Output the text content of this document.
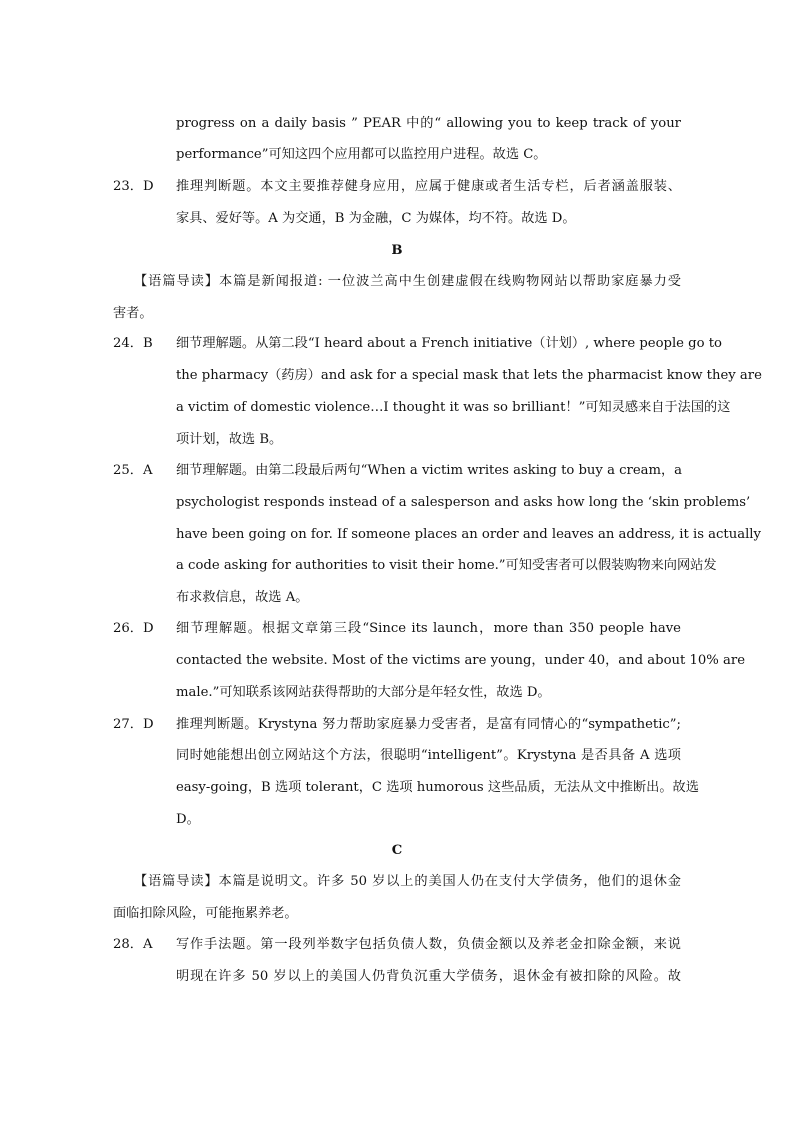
progress on a daily basis ” PEAR 中的“ allowing you to keep track of your
performance”可知这四个应用都可以监控用户进程。故选 C。
23．D	推理判断题。本文主要推荐健身应用，应属于健康或者生活专栏，后者涵盖服装、
家具、爱好等。A 为交通，B 为金融，C 为媒体，均不符。故选 D。
B
【语篇导读】本篇是新闻报道: 一位波兰高中生创建虚假在线购物网站以帮助家庭暴力受
害者。
24．B	细节理解题。从第二段“I heard about a French initiative（计划）, where people go to
the pharmacy（药房）and ask for a special mask that lets the pharmacist know they are
a victim of domestic violence…I thought it was so brilliant！”可知灵感来自于法国的这
项计划，故选 B。
25．A	细节理解题。由第二段最后两句“When a victim writes asking to buy a cream，a
psychologist responds instead of a salesperson and asks how long the ‘skin problems’
have been going on for. If someone places an order and leaves an address, it is actually
a code asking for authorities to visit their home.”可知受害者可以假装购物来向网站发
布求救信息，故选 A。
26．D	细节理解题。根据文章第三段“Since its launch，more than 350 people have
contacted the website. Most of the victims are young，under 40，and about 10% are
male.”可知联系该网站获得帮助的大部分是年轻女性，故选 D。
27．D	推理判断题。Krystyna 努力帮助家庭暴力受害者，是富有同情心的“sympathetic”;
同时她能想出创立网站这个方法，很聪明“intelligent”。Krystyna 是否具备 A 选项
easy-going，B 选项 tolerant，C 选项 humorous 这些品质，无法从文中推断出。故选
D。
C
【语篇导读】本篇是说明文。许多 50 岁以上的美国人仍在支付大学债务，他们的退休金
面临扣除风险，可能拖累养老。
28．A	写作手法题。第一段列举数字包括负债人数，负债金额以及养老金扣除金额，来说
明现在许多 50 岁以上的美国人仍背负沉重大学债务，退休金有被扣除的风险。故
